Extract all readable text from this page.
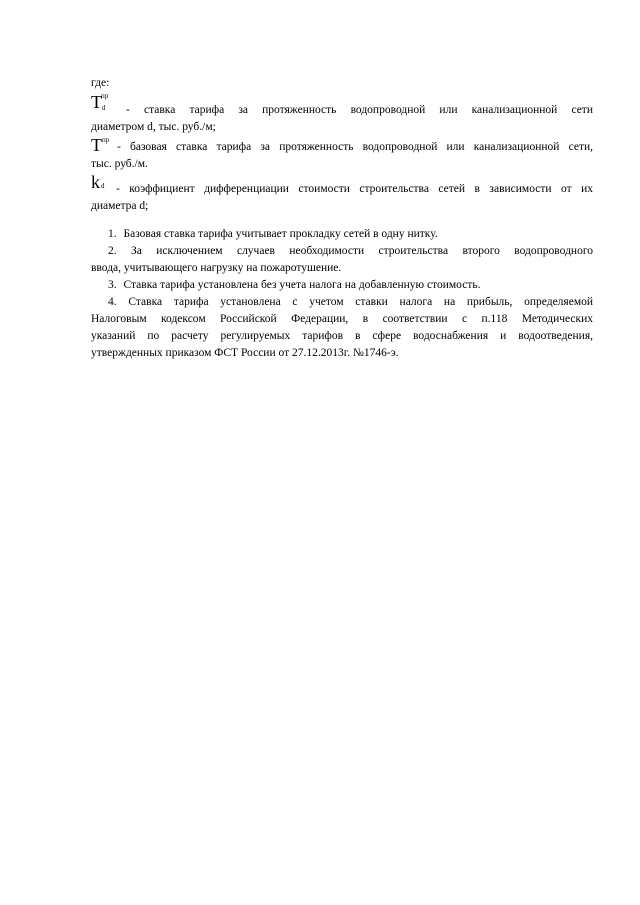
где:
T пр
d - ставка тарифа за протяженность водопроводной или канализационной сети
диаметром d, тыс. руб./м;
T пр
- базовая ставка тарифа за протяженность водопроводной или канализационной сети,
тыс. руб./м.
k d - коэффициент дифференциации стоимости строительства сетей в зависимости от их
диаметра d;
1. Базовая ставка тарифа учитывает прокладку сетей в одну нитку.
2. За исключением случаев необходимости строительства второго водопроводного
ввода, учитывающего нагрузку на пожаротушение.
3. Ставка тарифа установлена без учета налога на добавленную стоимость.
4. Ставка тарифа установлена с учетом ставки налога на прибыль, определяемой
Налоговым кодексом Российской Федерации, в соответствии с п.118 Методических
указаний по расчету регулируемых тарифов в сфере водоснабжения и водоотведения,
утвержденных приказом ФСТ России от 27.12.2013г. №1746-э.
